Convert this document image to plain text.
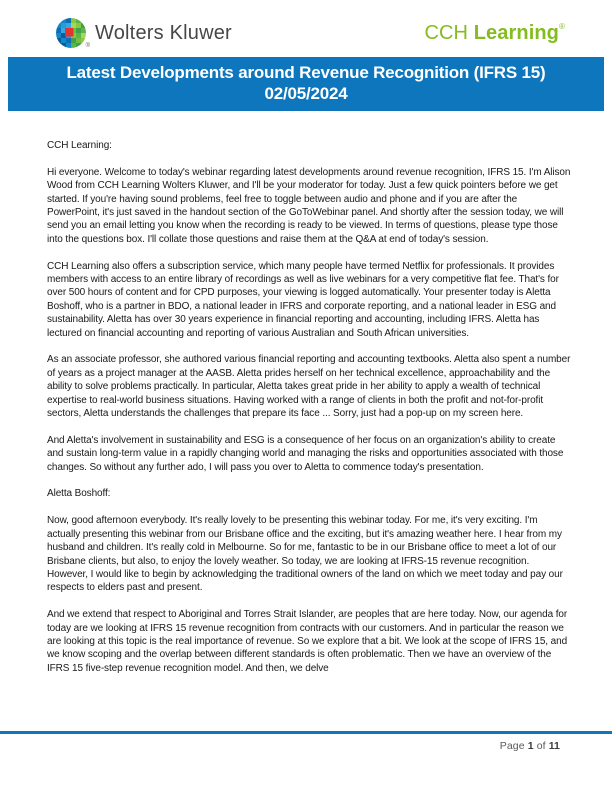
®
Wolters Kluwer	CCH Learning®
Latest Developments around Revenue Recognition (IFRS 15)
02/05/2024

CCH Learning:

Hi everyone. Welcome to today's webinar regarding latest developments around revenue recognition, IFRS 15. I'm Alison Wood from CCH Learning Wolters Kluwer, and I'll be your moderator for today. Just a few quick pointers before we get started. If you're having sound problems, feel free to toggle between audio and phone and if you are after the PowerPoint, it's just saved in the handout section of the GoToWebinar panel. And shortly after the session today, we will send you an email letting you know when the recording is ready to be viewed. In terms of questions, please type those into the questions box. I'll collate those questions and raise them at the Q&A at end of today's session.

CCH Learning also offers a subscription service, which many people have termed Netflix for professionals. It provides members with access to an entire library of recordings as well as live webinars for a very competitive flat fee. That's for over 500 hours of content and for CPD purposes, your viewing is logged automatically. Your presenter today is Aletta Boshoff, who is a partner in BDO, a national leader in IFRS and corporate reporting, and a national leader in ESG and sustainability. Aletta has over 30 years experience in financial reporting and accounting, including IFRS. Aletta has lectured on financial accounting and reporting of various Australian and South African universities.

As an associate professor, she authored various financial reporting and accounting textbooks. Aletta also spent a number of years as a project manager at the AASB. Aletta prides herself on her technical excellence, approachability and the ability to solve problems practically. In particular, Aletta takes great pride in her ability to apply a wealth of technical expertise to real-world business situations. Having worked with a range of clients in both the profit and not-for-profit sectors, Aletta understands the challenges that prepare its face ... Sorry, just had a pop-up on my screen here.

And Aletta's involvement in sustainability and ESG is a consequence of her focus on an organization's ability to create and sustain long-term value in a rapidly changing world and managing the risks and opportunities associated with those changes. So without any further ado, I will pass you over to Aletta to commence today's presentation.

Aletta Boshoff:

Now, good afternoon everybody. It's really lovely to be presenting this webinar today. For me, it's very exciting. I'm actually presenting this webinar from our Brisbane office and the exciting, but it's amazing weather here. I hear from my husband and children. It's really cold in Melbourne. So for me, fantastic to be in our Brisbane office to meet a lot of our Brisbane clients, but also, to enjoy the lovely weather. So today, we are looking at IFRS-15 revenue recognition. However, I would like to begin by acknowledging the traditional owners of the land on which we meet today and pay our respects to elders past and present.

And we extend that respect to Aboriginal and Torres Strait Islander, are peoples that are here today. Now, our agenda for today are we looking at IFRS 15 revenue recognition from contracts with our customers. And in particular the reason we are looking at this topic is the real importance of revenue. So we explore that a bit. We look at the scope of IFRS 15, and we know scoping and the overlap between different standards is often problematic. Then we have an overview of the IFRS 15 five-step revenue recognition model. And then, we delve

Page 1 of 11
